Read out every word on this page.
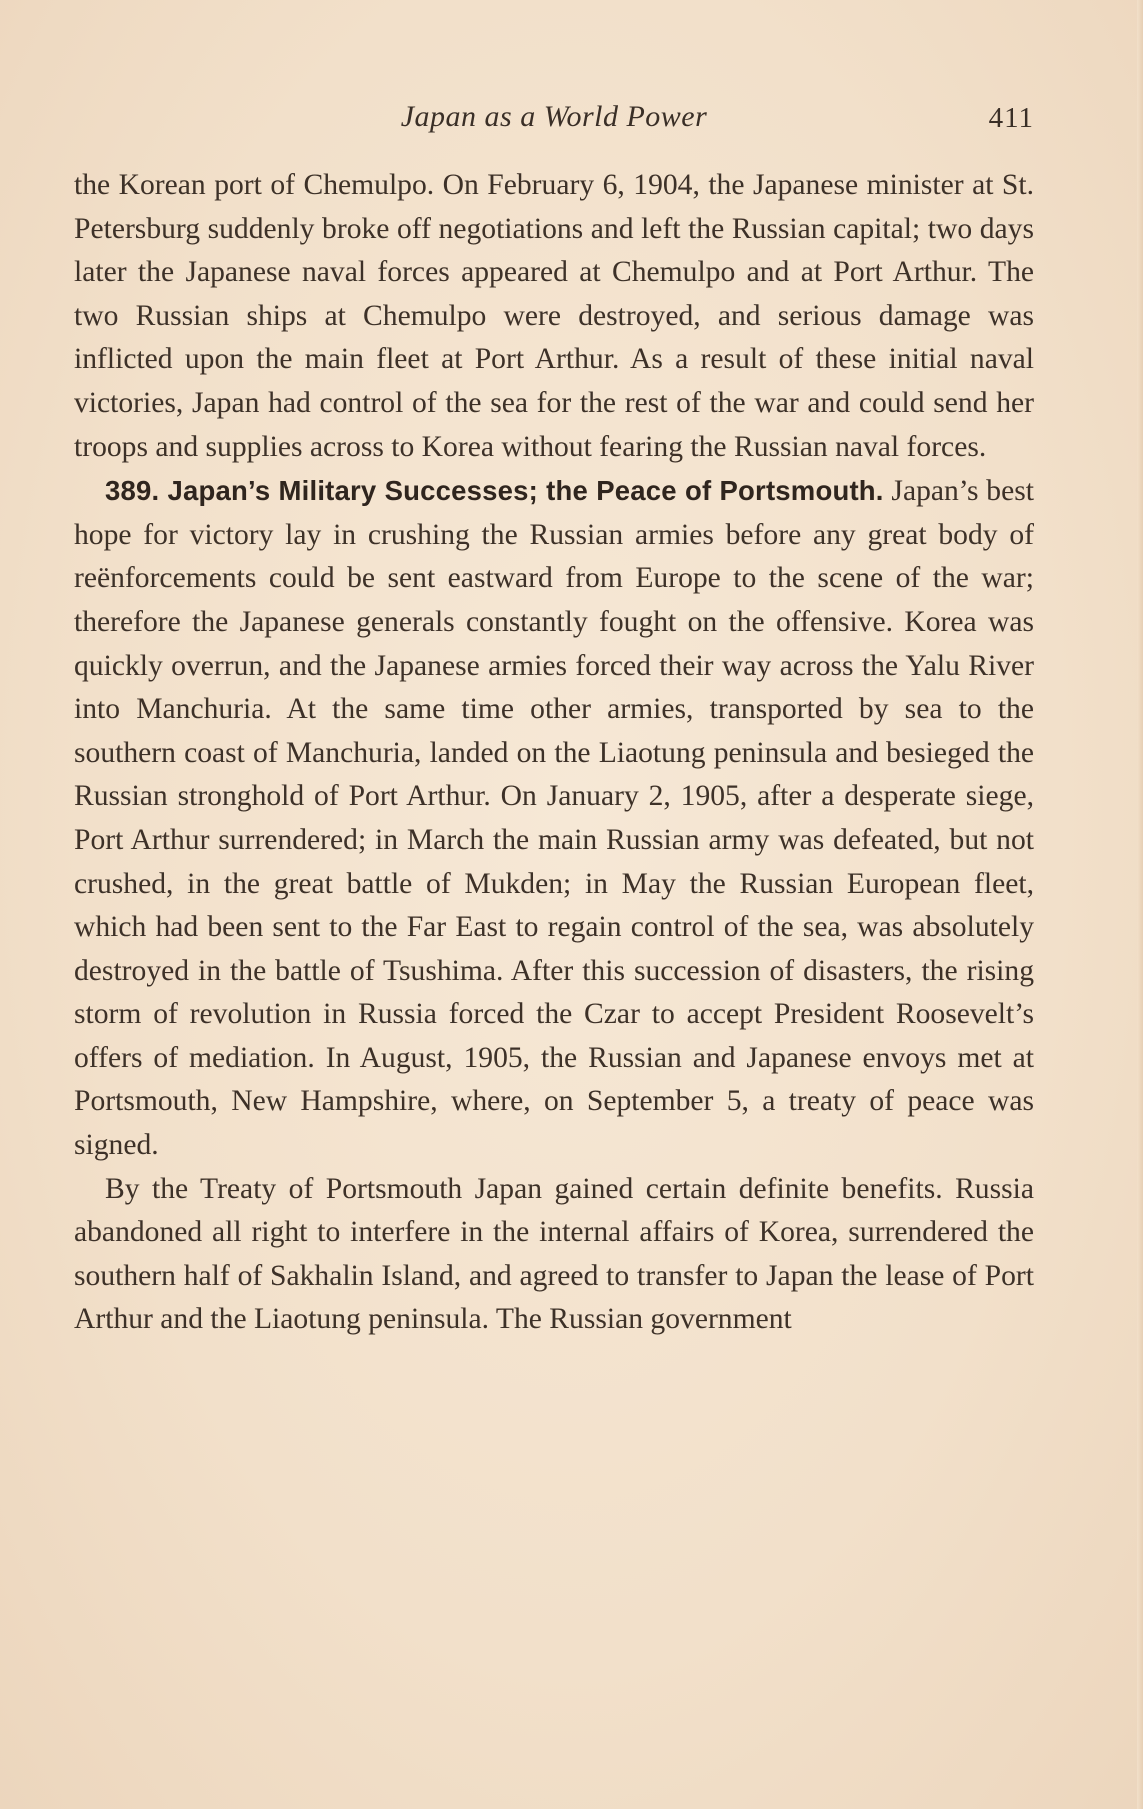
Japan as a World Power	411

the Korean port of Chemulpo. On February 6, 1904, the Japanese minister at St. Petersburg suddenly broke off negotiations and left the Russian capital; two days later the Japanese naval forces appeared at Chemulpo and at Port Arthur. The two Russian ships at Chemulpo were destroyed, and serious damage was inflicted upon the main fleet at Port Arthur. As a result of these initial naval victories, Japan had control of the sea for the rest of the war and could send her troops and supplies across to Korea without fearing the Russian naval forces.

389. Japan’s Military Successes; the Peace of Portsmouth. Japan’s best hope for victory lay in crushing the Russian armies before any great body of reënforcements could be sent eastward from Europe to the scene of the war; therefore the Japanese generals constantly fought on the offensive. Korea was quickly overrun, and the Japanese armies forced their way across the Yalu River into Manchuria. At the same time other armies, transported by sea to the southern coast of Manchuria, landed on the Liaotung peninsula and besieged the Russian stronghold of Port Arthur. On January 2, 1905, after a desperate siege, Port Arthur surrendered; in March the main Russian army was defeated, but not crushed, in the great battle of Mukden; in May the Russian European fleet, which had been sent to the Far East to regain control of the sea, was absolutely destroyed in the battle of Tsushima. After this succession of disasters, the rising storm of revolution in Russia forced the Czar to accept President Roosevelt’s offers of mediation. In August, 1905, the Russian and Japanese envoys met at Portsmouth, New Hampshire, where, on September 5, a treaty of peace was signed.

By the Treaty of Portsmouth Japan gained certain definite benefits. Russia abandoned all right to interfere in the internal affairs of Korea, surrendered the southern half of Sakhalin Island, and agreed to transfer to Japan the lease of Port Arthur and the Liaotung peninsula. The Russian government
